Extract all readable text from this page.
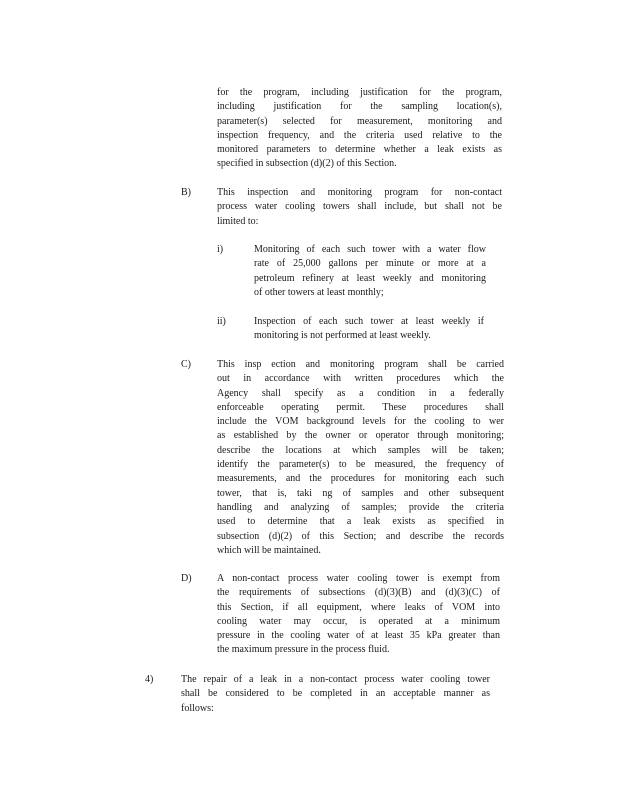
for the program, including justification for the program,
including justification for the sampling location(s),
parameter(s) selected for measurement, monitoring and
inspection frequency, and the criteria used relative to the
monitored parameters to determine whether a leak exists as
specified in subsection (d)(2) of this Section.
B)	This inspection and monitoring program for non-contact
process water cooling towers shall include, but shall not be
limited to:
i)	Monitoring of each such tower with a water flow
rate of 25,000 gallons per minute or more at a
petroleum refinery at least weekly and monitoring
of other towers at least monthly;
ii)	Inspection of each such tower at least weekly if
monitoring is not performed at least weekly.
C)	This insp ection and monitoring program shall be carried
out in accordance with written procedures which the
Agency shall specify as a condition in a federally
enforceable operating permit. These procedures shall
include the VOM background levels for the cooling to wer
as established by the owner or operator through monitoring;
describe the locations at which samples will be taken;
identify the parameter(s) to be measured, the frequency of
measurements, and the procedures for monitoring each such
tower, that is, taki ng of samples and other subsequent
handling and analyzing of samples; provide the criteria
used to determine that a leak exists as specified in
subsection (d)(2) of this Section; and describe the records
which will be maintained.
D)	A non-contact process water cooling tower is exempt from
the requirements of subsections (d)(3)(B) and (d)(3)(C) of
this Section, if all equipment, where leaks of VOM into
cooling water may occur, is operated at a minimum
pressure in the cooling water of at least 35 kPa greater than
the maximum pressure in the process fluid.
4)	The repair of a leak in a non-contact process water cooling tower
shall be considered to be completed in an acceptable manner as
follows:
